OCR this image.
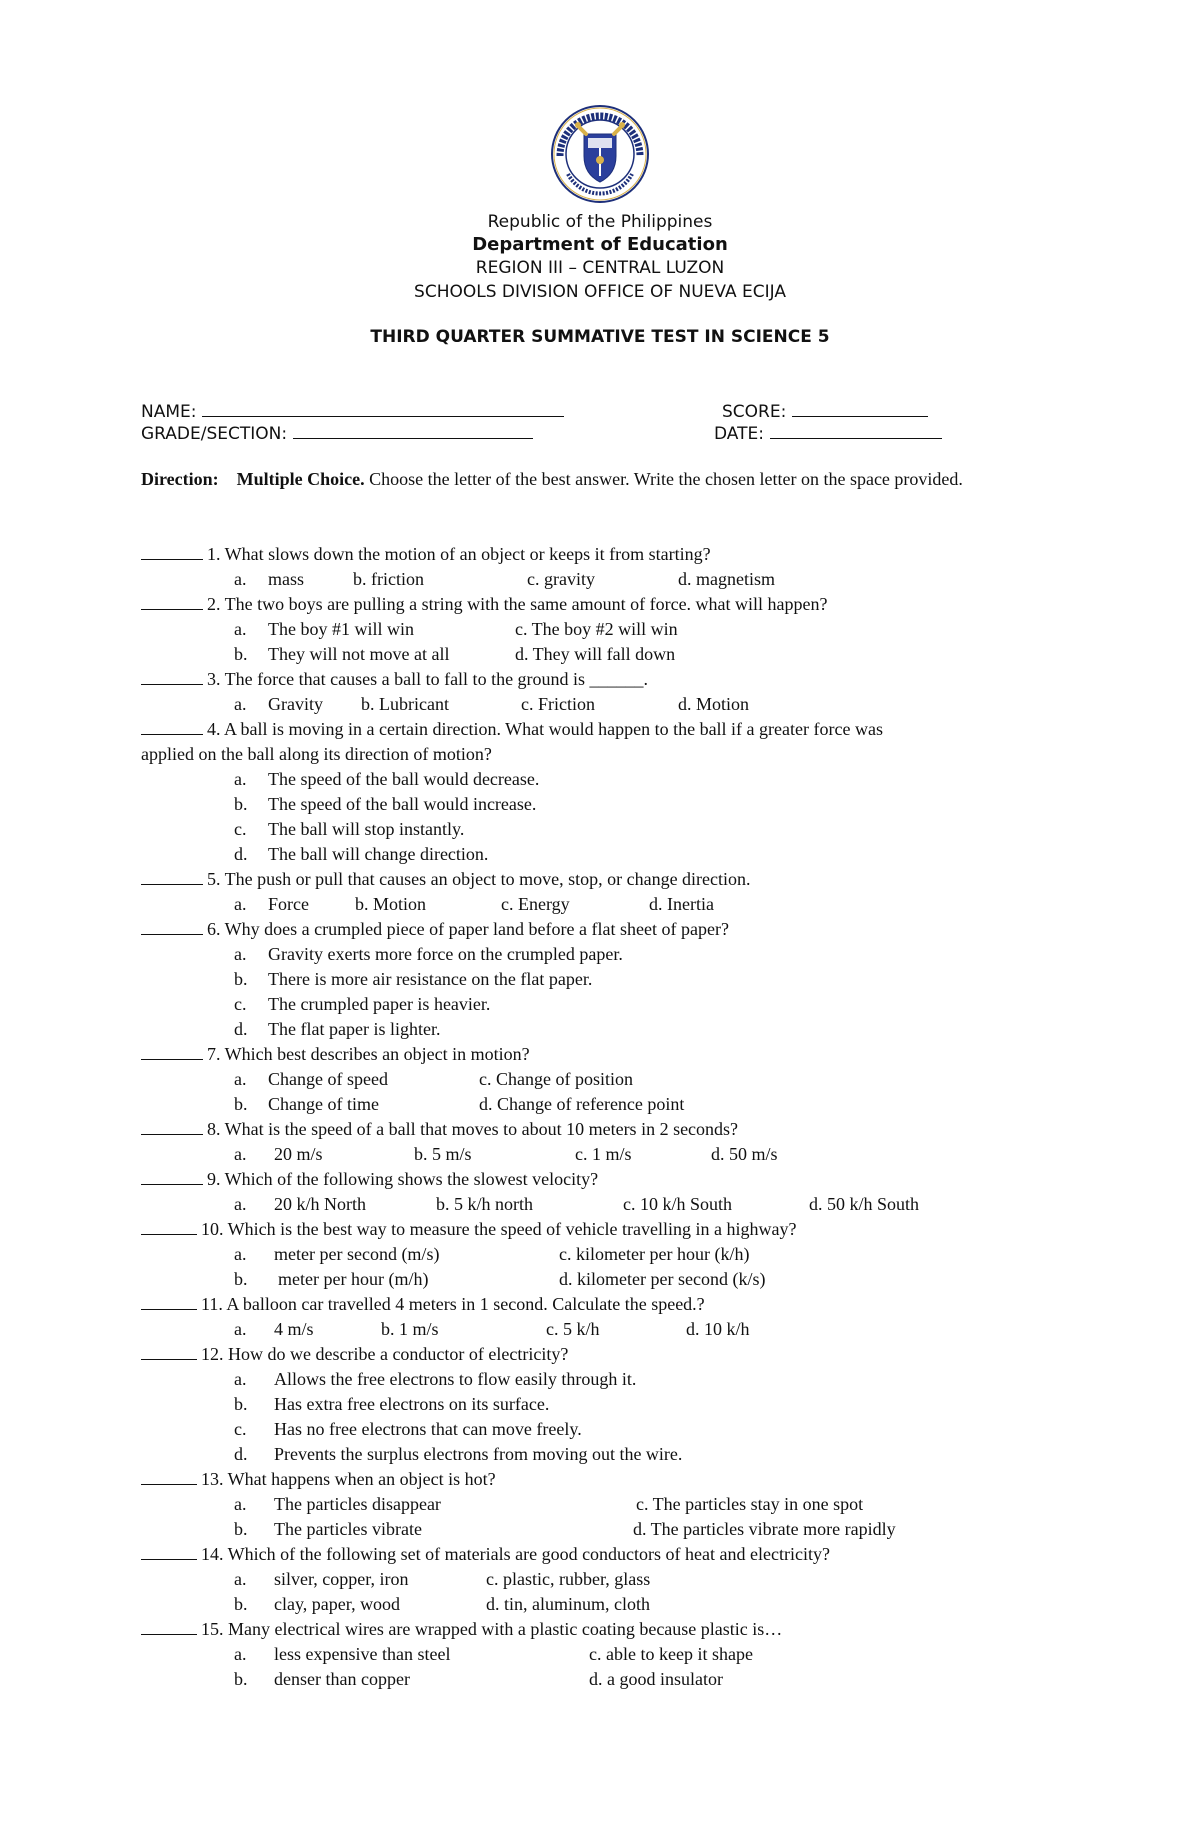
Republic of the Philippines
Department of Education
REGION III – CENTRAL LUZON
SCHOOLS DIVISION OFFICE OF NUEVA ECIJA
THIRD QUARTER SUMMATIVE TEST IN SCIENCE 5
NAME:	SCORE:
GRADE/SECTION:	DATE:
Direction: Multiple Choice. Choose the letter of the best answer. Write the chosen letter on the space provided.
1. What slows down the motion of an object or keeps it from starting?
a. mass	b. friction	c. gravity	d. magnetism
2. The two boys are pulling a string with the same amount of force. what will happen?
a. The boy #1 will win	c. The boy #2 will win
b. They will not move at all	d. They will fall down
3. The force that causes a ball to fall to the ground is ______.
a. Gravity b. Lubricant	c. Friction	d. Motion
4. A ball is moving in a certain direction. What would happen to the ball if a greater force was
applied on the ball along its direction of motion?
a. The speed of the ball would decrease.
b. The speed of the ball would increase.
c. The ball will stop instantly.
d. The ball will change direction.
5. The push or pull that causes an object to move, stop, or change direction.
a. Force	b. Motion	c. Energy	d. Inertia
6. Why does a crumpled piece of paper land before a flat sheet of paper?
a. Gravity exerts more force on the crumpled paper.
b. There is more air resistance on the flat paper.
c. The crumpled paper is heavier.
d. The flat paper is lighter.
7. Which best describes an object in motion?
a. Change of speed	c. Change of position
b. Change of time	d. Change of reference point
8. What is the speed of a ball that moves to about 10 meters in 2 seconds?
a. 20 m/s	b. 5 m/s	c. 1 m/s	d. 50 m/s
9. Which of the following shows the slowest velocity?
a. 20 k/h North	b. 5 k/h north	c. 10 k/h South	d. 50 k/h South
10. Which is the best way to measure the speed of vehicle travelling in a highway?
a. meter per second (m/s)	c. kilometer per hour (k/h)
b. meter per hour (m/h)	d. kilometer per second (k/s)
11. A balloon car travelled 4 meters in 1 second. Calculate the speed.?
a. 4 m/s	b. 1 m/s	c. 5 k/h	d. 10 k/h
12. How do we describe a conductor of electricity?
a. Allows the free electrons to flow easily through it.
b. Has extra free electrons on its surface.
c. Has no free electrons that can move freely.
d. Prevents the surplus electrons from moving out the wire.
13. What happens when an object is hot?
a. The particles disappear	c. The particles stay in one spot
b. The particles vibrate	d. The particles vibrate more rapidly
14. Which of the following set of materials are good conductors of heat and electricity?
a. silver, copper, iron	c. plastic, rubber, glass
b. clay, paper, wood	d. tin, aluminum, cloth
15. Many electrical wires are wrapped with a plastic coating because plastic is…
a. less expensive than steel	c. able to keep it shape
b. denser than copper	d. a good insulator
